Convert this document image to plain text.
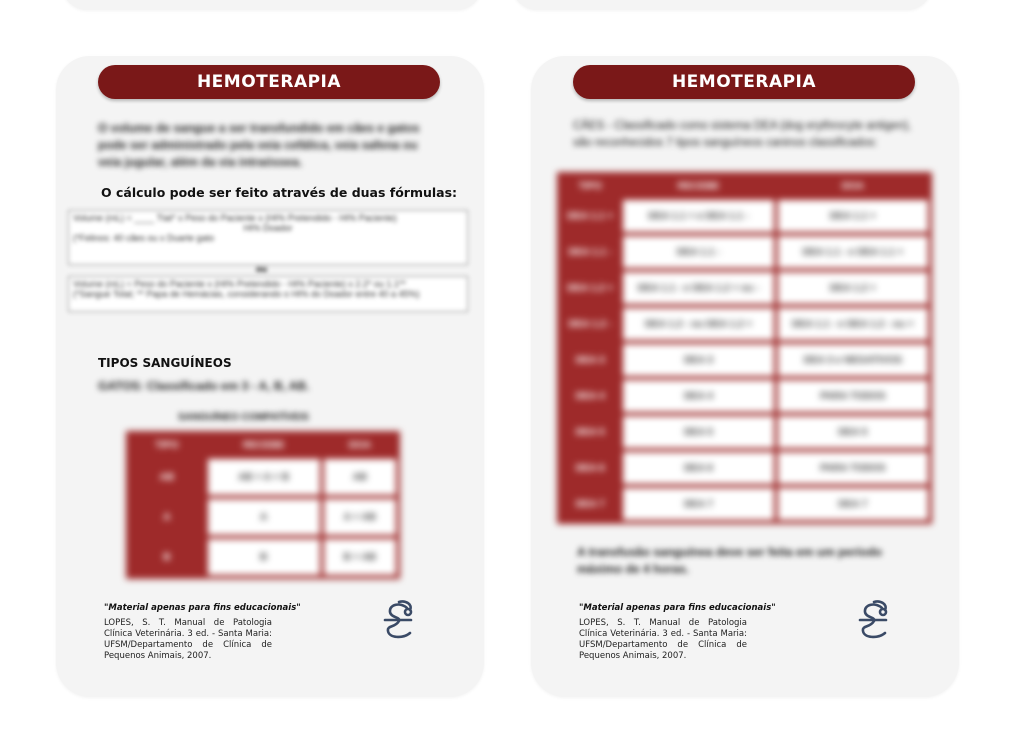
HEMOTERAPIA
O volume de sangue a ser transfundido em cães e gatos pode ser administrado pela veia cefálica, veia safena ou veia jugular, além da via intraóssea.
O cálculo pode ser feito através de duas fórmulas:
Volume (mL) = ____ Ttat* x Peso do Paciente x (Ht% Pretendido - Ht% Paciente)
Ht% Doador
(*Felinos: 40 cães ou x Duarte gato
ou
Volume (mL) = Peso do Paciente x (Ht% Pretendido - Ht% Paciente) x 2.2* ou 1.1**
(*Sangue Total; ** Papa de Hemácias, considerando o Ht% do Doador entre 40 a 45%)
TIPOS SANGUÍNEOS
GATOS: Classificado em 3 - A, B, AB.
SANGUÍNEO COMPATÍVEIS
TIPO	RECEBE	DOA
AB	AB + A + B	AB
A	A	A + AB
B	B	B + AB
"Material apenas para fins educacionais"
LOPES, S. T. Manual de Patologia Clínica Veterinária. 3 ed. - Santa Maria: UFSM/Departamento de Clínica de Pequenos Animais, 2007.
HEMOTERAPIA
CÃES - Classificado como sistema DEA (dog erythrocyte antigen), são reconhecidos 7 tipos sanguíneos caninos classificados:
TIPO	RECEBE	DOA
DEA 1.1 +	DEA 1.1 + e DEA 1.1 -	DEA 1.1 +
DEA 1.1 -	DEA 1.1 -	DEA 1.1 - e DEA 1.1 +
DEA 1.2 +	DEA 1.1 - e DEA 1.2 + ou -	DEA 1.2 +
DEA 1.2 -	DEA 1.2 - ou DEA 1.2 +	DEA 1.1 - e DEA 1.2 - ou +
DEA 3	DEA 3	DEA 3 e NEGATIVOS
DEA 4	DEA 4	PARA TODOS
DEA 5	DEA 5	DEA 5
DEA 6	DEA 6	PARA TODOS
DEA 7	DEA 7	DEA 7
A transfusão sanguínea deve ser feita em um período máximo de 4 horas.
"Material apenas para fins educacionais"
LOPES, S. T. Manual de Patologia Clínica Veterinária. 3 ed. - Santa Maria: UFSM/Departamento de Clínica de Pequenos Animais, 2007.
